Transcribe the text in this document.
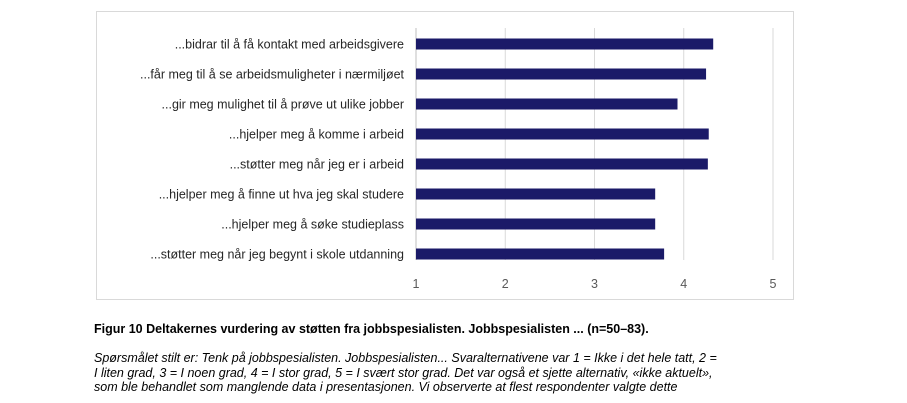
1	2	3	4	5
...bidrar til å få kontakt med arbeidsgivere
...får meg til å se arbeidsmuligheter i nærmiljøet
...gir meg mulighet til å prøve ut ulike jobber
...hjelper meg å komme i arbeid
...støtter meg når jeg er i arbeid
...hjelper meg å finne ut hva jeg skal studere
...hjelper meg å søke studieplass
...støtter meg når jeg begynt i skole utdanning
Figur 10 Deltakernes vurdering av støtten fra jobbspesialisten. Jobbspesialisten ... (n=50–83).
Spørsmålet stilt er: Tenk på jobbspesialisten. Jobbspesialisten... Svaralternativene var 1 = Ikke i det hele tatt, 2 =
I liten grad, 3 = I noen grad, 4 = I stor grad, 5 = I svært stor grad. Det var også et sjette alternativ, «ikke aktuelt»,
som ble behandlet som manglende data i presentasjonen. Vi observerte at flest respondenter valgte dette
